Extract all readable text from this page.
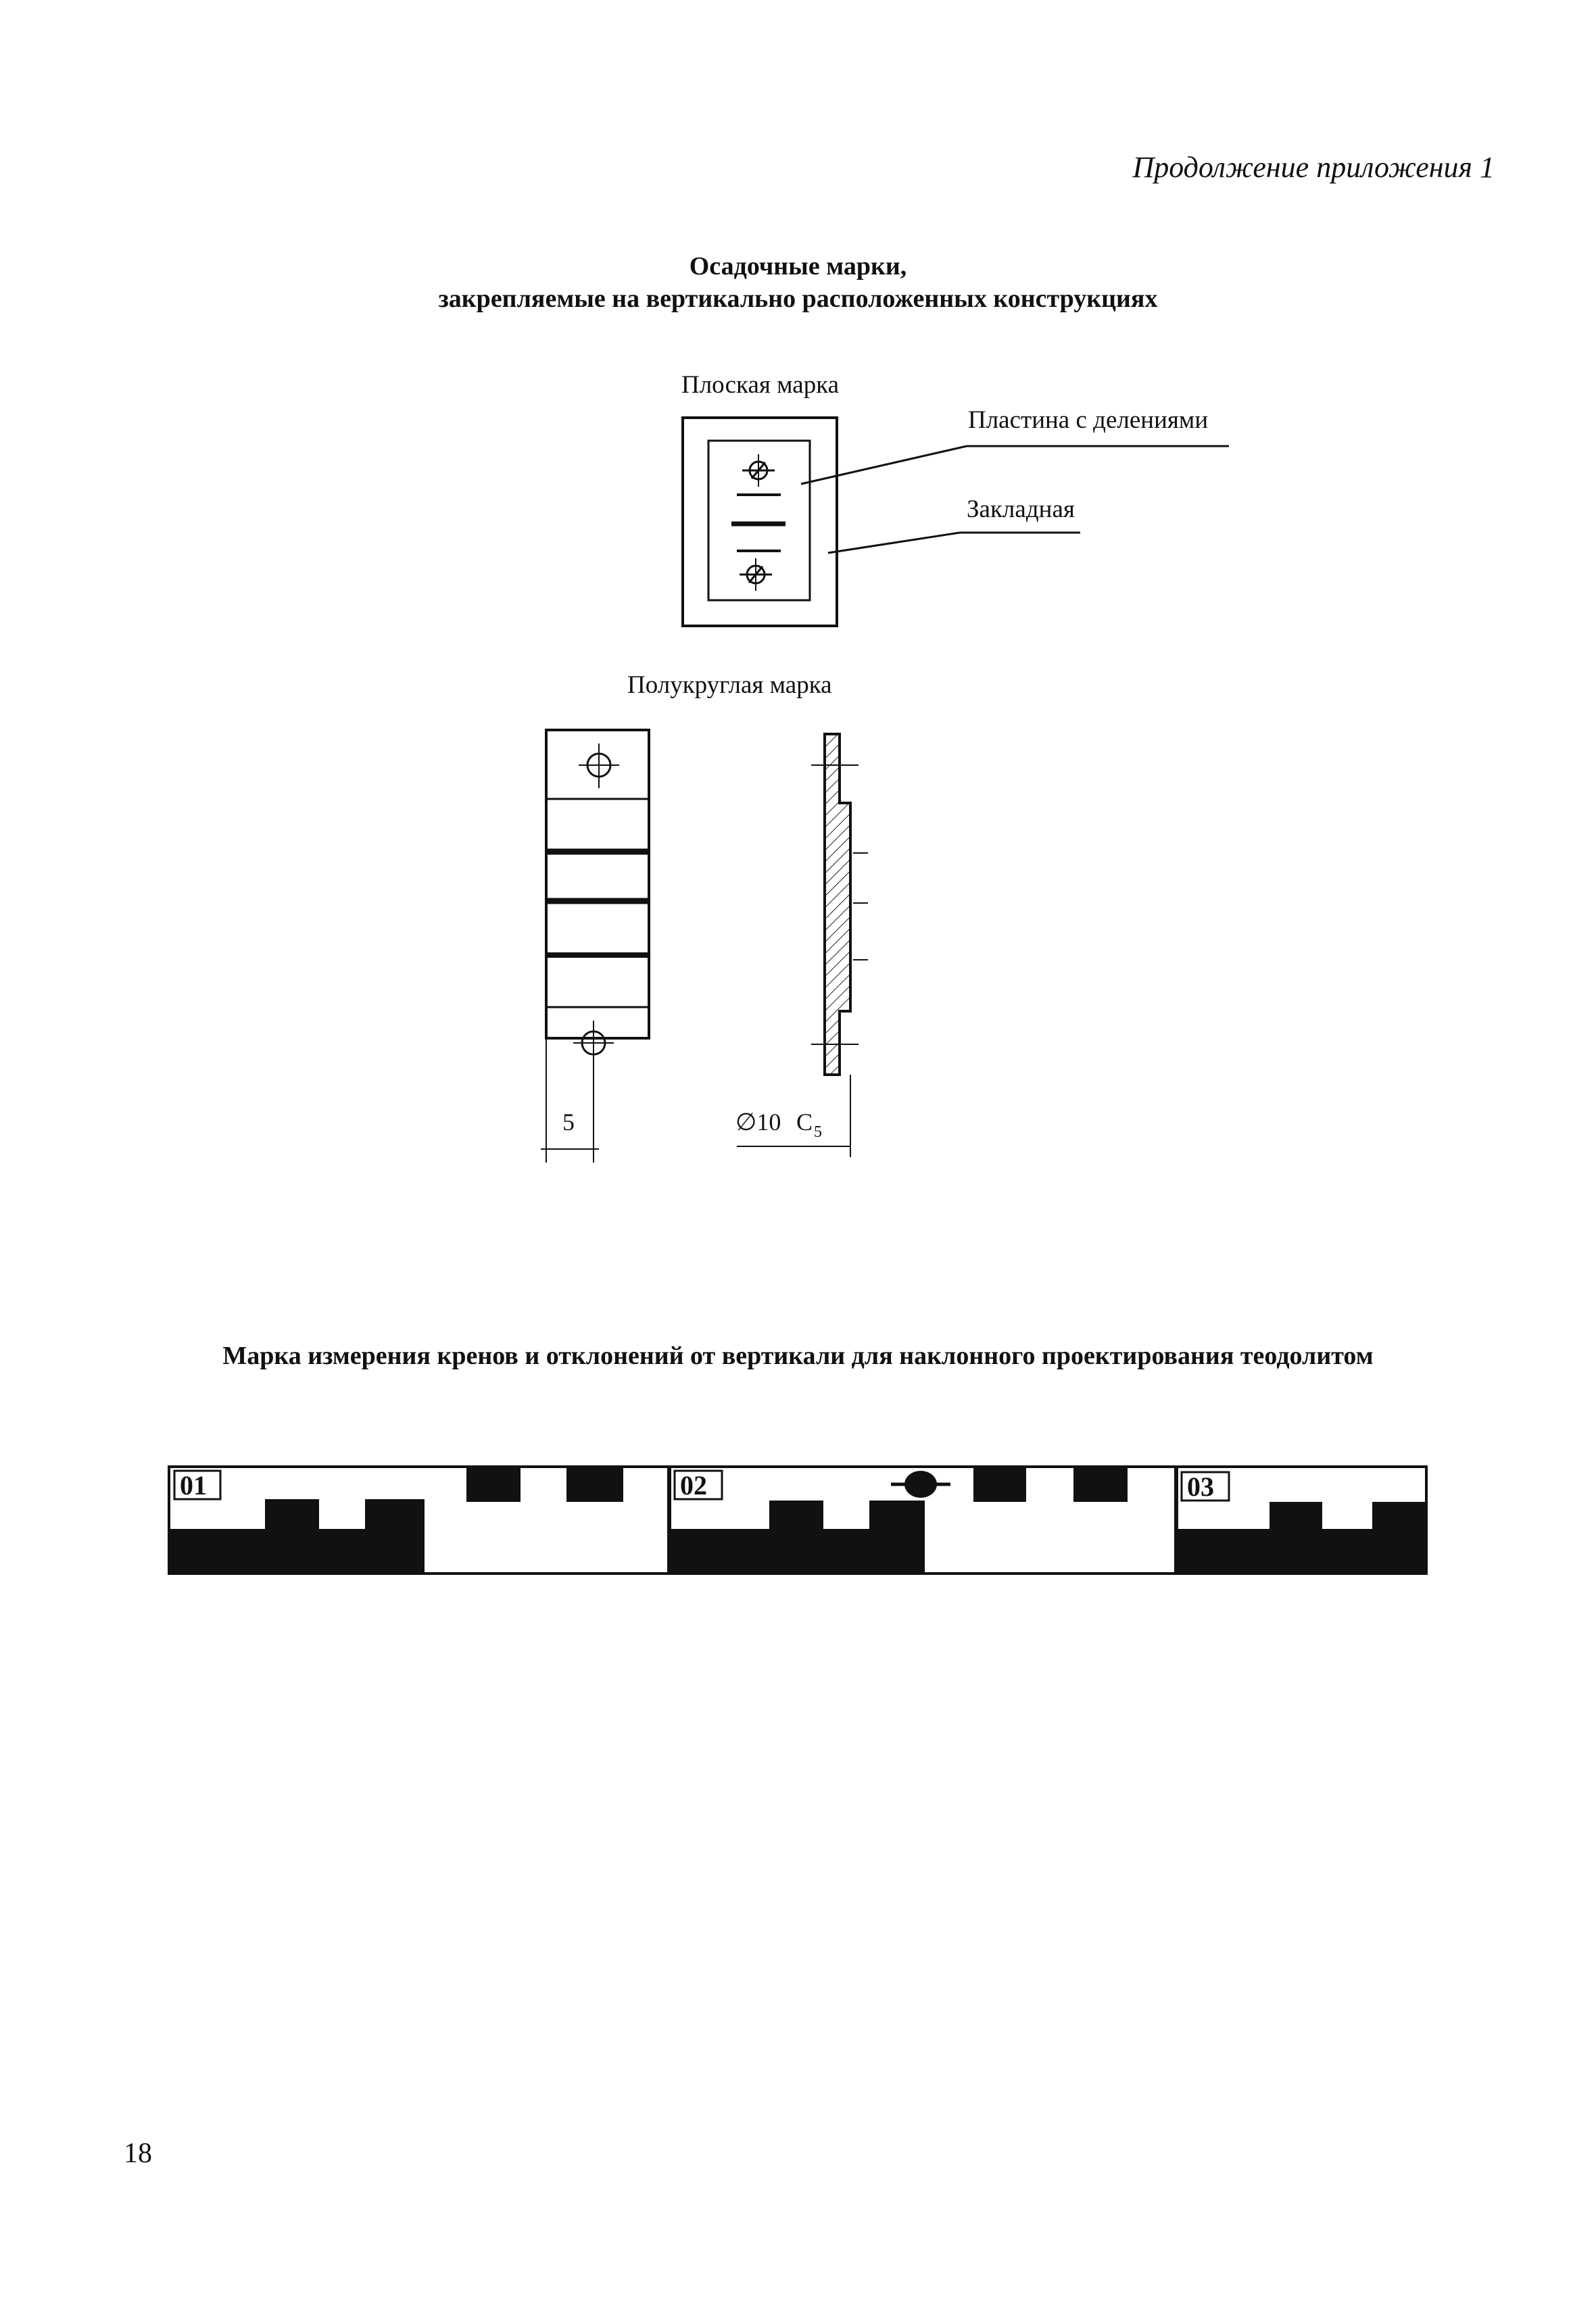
Продолжение приложения 1
Осадочные марки,
закрепляемые на вертикально расположенных конструкциях
Плоская марка
Пластина с делениями
Закладная
Полукруглая марка
Марка измерения кренов и отклонений от вертикали для наклонного проектирования теодолитом
5	∅10 C 5
01	02	03
18
